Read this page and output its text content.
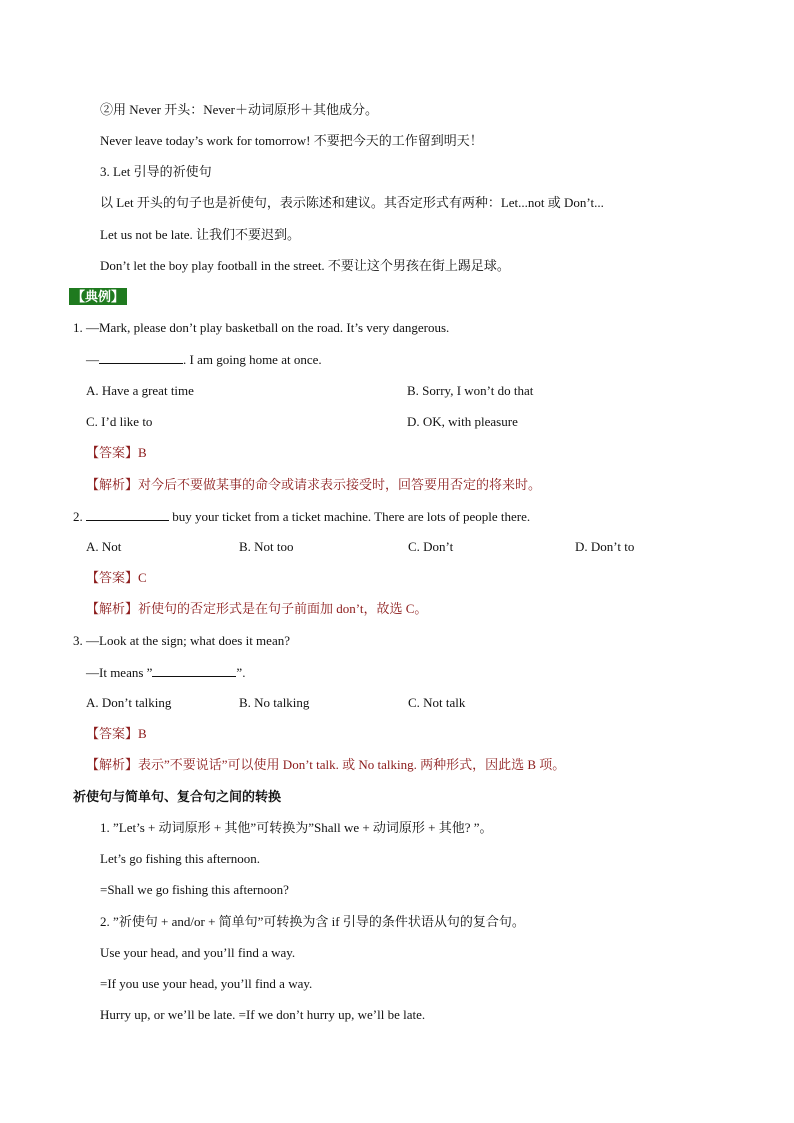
②用 Never 开头：Never＋动词原形＋其他成分。
Never leave today’s work for tomorrow! 不要把今天的工作留到明天！
3. Let 引导的祈使句
以 Let 开头的句子也是祈使句，表示陈述和建议。其否定形式有两种：Let...not 或 Don’t...
Let us not be late. 让我们不要迟到。
Don’t let the boy play football in the street. 不要让这个男孩在街上踢足球。
【典例】
1. —Mark, please don’t play basketball on the road. It’s very dangerous.
—	. I am going home at once.
A. Have a great time	B. Sorry, I won’t do that
C. I’d like to	D. OK, with pleasure
【答案】B
【解析】对今后不要做某事的命令或请求表示接受时，回答要用否定的将来时。
2.	buy your ticket from a ticket machine. There are lots of people there.
A. Not	B. Not too	C. Don’t	D. Don’t to
【答案】C
【解析】祈使句的否定形式是在句子前面加 don’t，故选 C。
3. —Look at the sign; what does it mean?
—It means ”	”.
A. Don’t talking	B. No talking	C. Not talk
【答案】B
【解析】表示”不要说话”可以使用 Don’t talk. 或 No talking. 两种形式，因此选 B 项。
祈使句与简单句、复合句之间的转换
1. ”Let’s + 动词原形 + 其他”可转换为”Shall we + 动词原形 + 其他? ”。
Let’s go fishing this afternoon.
=Shall we go fishing this afternoon?
2. ”祈使句 + and/or + 简单句”可转换为含 if 引导的条件状语从句的复合句。
Use your head, and you’ll find a way.
=If you use your head, you’ll find a way.
Hurry up, or we’ll be late. =If we don’t hurry up, we’ll be late.
